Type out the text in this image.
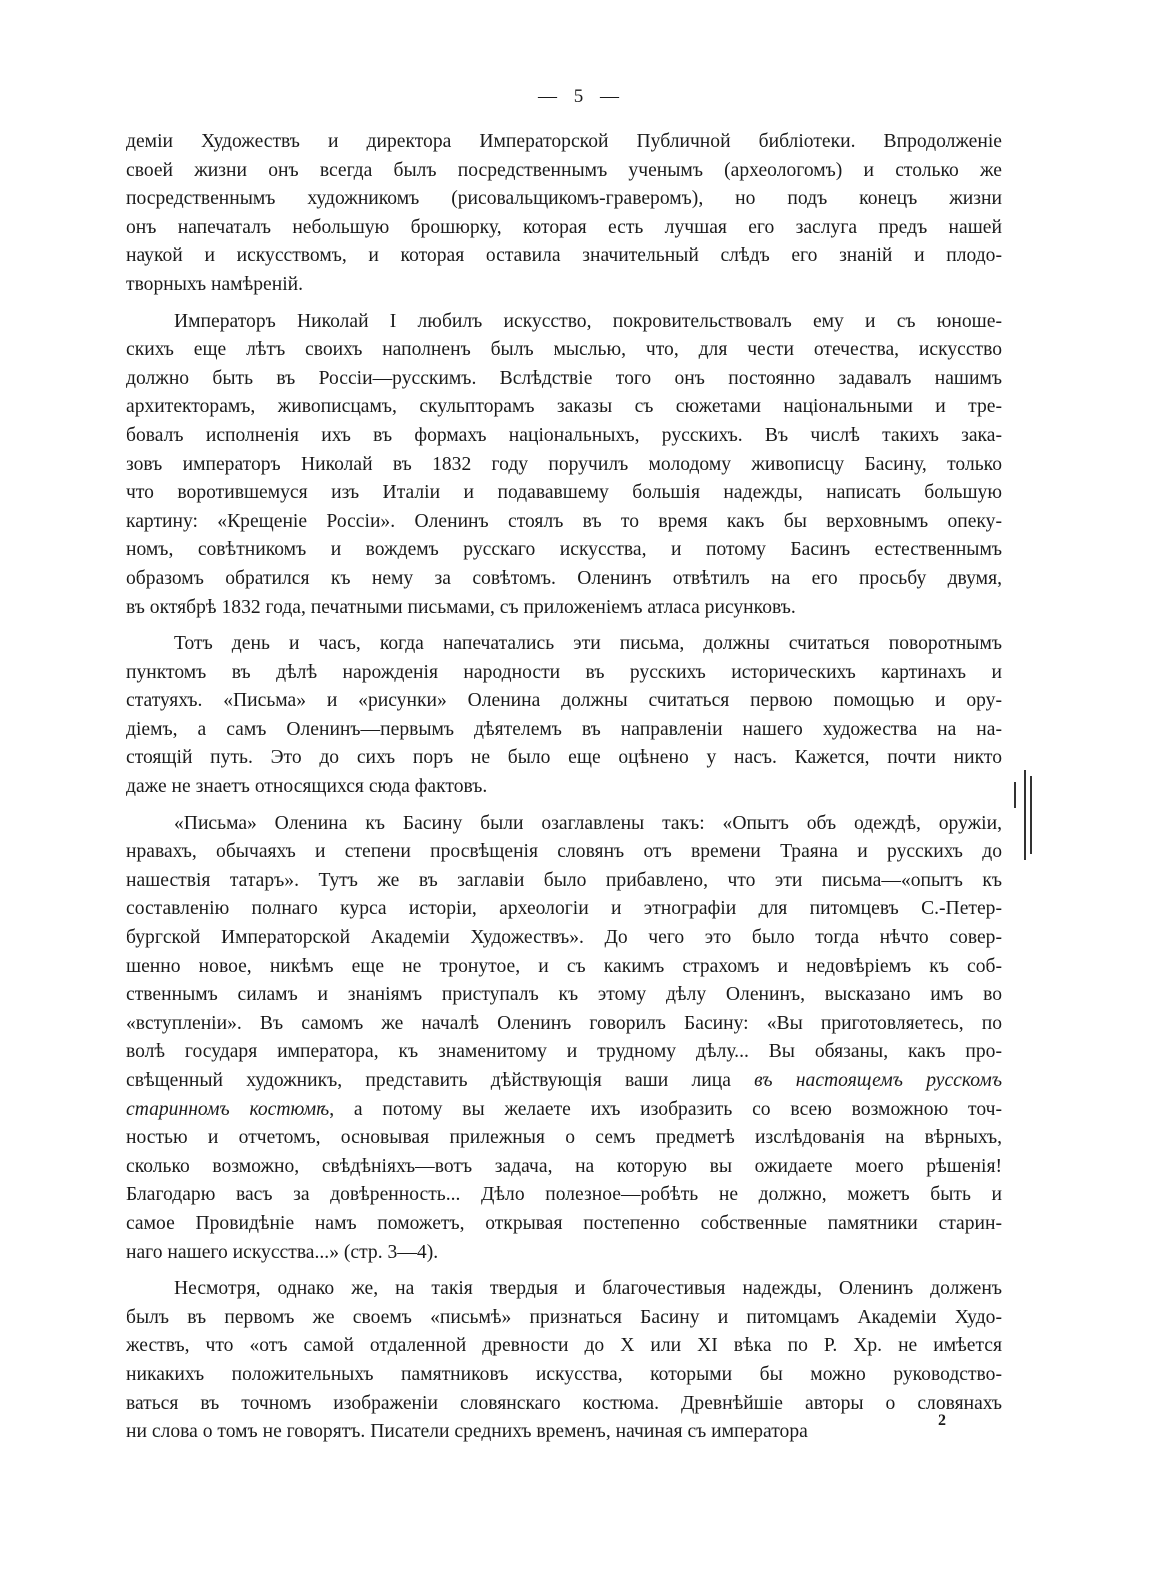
— 5 —
деміи Художествъ и директора Императорской Публичной библіотеки. Впродолженіе
своей жизни онъ всегда былъ посредственнымъ ученымъ (археологомъ) и столько же
посредственнымъ художникомъ (рисовальщикомъ-граверомъ), но подъ конецъ жизни
онъ напечаталъ небольшую брошюрку, которая есть лучшая его заслуга предъ нашей
наукой и искусствомъ, и которая оставила значительный слѣдъ его знаній и плодо-
творныхъ намѣреній.
Императоръ Николай I любилъ искусство, покровительствовалъ ему и съ юноше-
скихъ еще лѣтъ своихъ наполненъ былъ мыслью, что, для чести отечества, искусство
должно быть въ Россіи—русскимъ. Вслѣдствіе того онъ постоянно задавалъ нашимъ
архитекторамъ, живописцамъ, скульпторамъ заказы съ сюжетами національными и тре-
бовалъ исполненія ихъ въ формахъ національныхъ, русскихъ. Въ числѣ такихъ зака-
зовъ императоръ Николай въ 1832 году поручилъ молодому живописцу Басину, только
что воротившемуся изъ Италіи и подававшему большія надежды, написать большую
картину: «Крещеніе Россіи». Оленинъ стоялъ въ то время какъ бы верховнымъ опеку-
номъ, совѣтникомъ и вождемъ русскаго искусства, и потому Басинъ естественнымъ
образомъ обратился къ нему за совѣтомъ. Оленинъ отвѣтилъ на его просьбу двумя,
въ октябрѣ 1832 года, печатными письмами, съ приложеніемъ атласа рисунковъ.
Тотъ день и часъ, когда напечатались эти письма, должны считаться поворотнымъ
пунктомъ въ дѣлѣ нарожденія народности въ русскихъ историческихъ картинахъ и
статуяхъ. «Письма» и «рисунки» Оленина должны считаться первою помощью и ору-
діемъ, а самъ Оленинъ—первымъ дѣятелемъ въ направленіи нашего художества на на-
стоящій путь. Это до сихъ поръ не было еще оцѣнено у насъ. Кажется, почти никто
даже не знаетъ относящихся сюда фактовъ.
«Письма» Оленина къ Басину были озаглавлены такъ: «Опытъ объ одеждѣ, оружіи,
нравахъ, обычаяхъ и степени просвѣщенія словянъ отъ времени Траяна и русскихъ до
нашествія татаръ». Тутъ же въ заглавіи было прибавлено, что эти письма—«опытъ къ
составленію полнаго курса исторіи, археологіи и этнографіи для питомцевъ С.-Петер-
бургской Императорской Академіи Художествъ». До чего это было тогда нѣчто совер-
шенно новое, никѣмъ еще не тронутое, и съ какимъ страхомъ и недовѣріемъ къ соб-
ственнымъ силамъ и знаніямъ приступалъ къ этому дѣлу Оленинъ, высказано имъ во
«вступленіи». Въ самомъ же началѣ Оленинъ говорилъ Басину: «Вы приготовляетесь, по
волѣ государя императора, къ знаменитому и трудному дѣлу... Вы обязаны, какъ про-
свѣщенный художникъ, представить дѣйствующія ваши лица въ настоящемъ русскомъ
старинномъ костюмѣ, а потому вы желаете ихъ изобразить со всею возможною точ-
ностью и отчетомъ, основывая прилежныя о семъ предметѣ изслѣдованія на вѣрныхъ,
сколько возможно, свѣдѣніяхъ—вотъ задача, на которую вы ожидаете моего рѣшенія!
Благодарю васъ за довѣренность... Дѣло полезное—робѣть не должно, можетъ быть и
самое Провидѣніе намъ поможетъ, открывая постепенно собственные памятники старин-
наго нашего искусства...» (стр. 3—4).
Несмотря, однако же, на такія твердыя и благочестивыя надежды, Оленинъ долженъ
былъ въ первомъ же своемъ «письмѣ» признаться Басину и питомцамъ Академіи Худо-
жествъ, что «отъ самой отдаленной древности до X или XI вѣка по Р. Хр. не имѣется
никакихъ положительныхъ памятниковъ искусства, которыми бы можно руководство-
ваться въ точномъ изображеніи словянскаго костюма. Древнѣйшіе авторы о словянахъ
ни слова о томъ не говорятъ. Писатели среднихъ временъ, начиная съ императора
2
